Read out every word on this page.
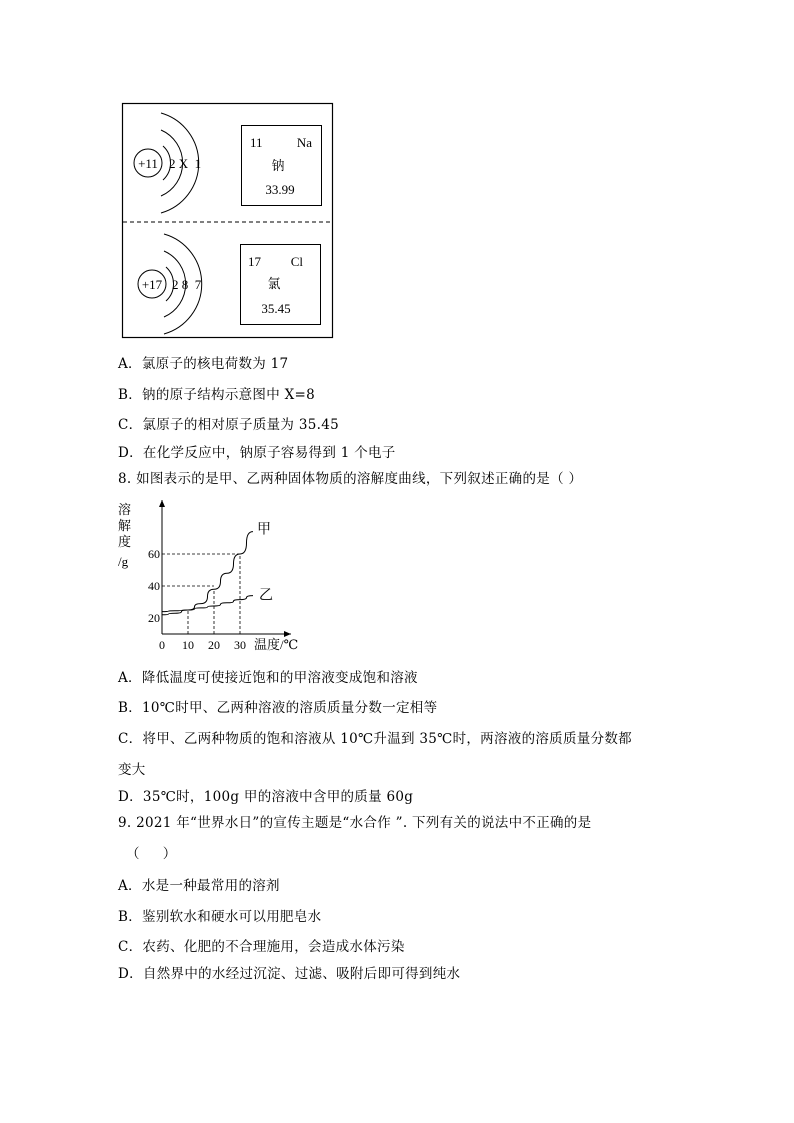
+11 2 X  1
11	Na
钠
33.99
+17 2 8  7
17 Cl
氯
35.45
A．氯原子的核电荷数为 17
B．钠的原子结构示意图中 X=8
C．氯原子的相对原子质量为 35.45
D．在化学反应中，钠原子容易得到 1 个电子
8. 如图表示的是甲、乙两种固体物质的溶解度曲线，下列叙述正确的是（ ）
甲
乙
0 10 20 30 温度/℃
20
40
60
溶
解
度
/g
A．降低温度可使接近饱和的甲溶液变成饱和溶液
B．10℃时甲、乙两种溶液的溶质质量分数一定相等
C．将甲、乙两种物质的饱和溶液从 10℃升温到 35℃时，两溶液的溶质质量分数都
变大
D．35℃时，100g 甲的溶液中含甲的质量 60g
9. 2021 年“世界水日”的宣传主题是“水合作 ”. 下列有关的说法中不正确的是
（     ）
A．水是一种最常用的溶剂
B．鉴别软水和硬水可以用肥皂水
C．农药、化肥的不合理施用，会造成水体污染
D．自然界中的水经过沉淀、过滤、吸附后即可得到纯水
